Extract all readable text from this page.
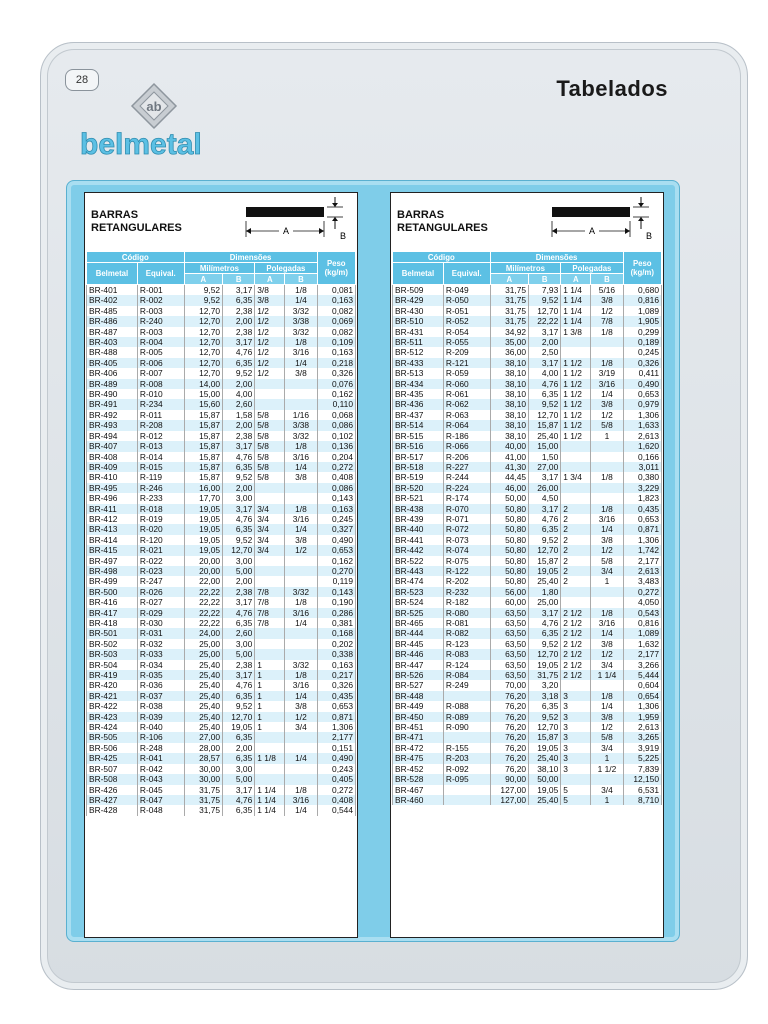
28	Tabelados
ab
belmetal
BARRAS
RETANGULARES
B
A
Código		Dimensões				Peso (kg/m)
Belmetal	Equival.	Milímetros		Polegadas		
		A	B	A	B	
BR-401	R-001	9,52	3,17	3/8	1/8	0,081
BR-402	R-002	9,52	6,35	3/8	1/4	0,163
BR-485	R-003	12,70	2,38	1/2	3/32	0,082
BR-486	R-240	12,70	2,00	1/2	3/38	0,069
BR-487	R-003	12,70	2,38	1/2	3/32	0,082
BR-403	R-004	12,70	3,17	1/2	1/8	0,109
BR-488	R-005	12,70	4,76	1/2	3/16	0,163
BR-405	R-006	12,70	6,35	1/2	1/4	0,218
BR-406	R-007	12,70	9,52	1/2	3/8	0,326
BR-489	R-008	14,00	2,00			0,076
BR-490	R-010	15,00	4,00			0,162
BR-491	R-234	15,60	2,60			0,110
BR-492	R-011	15,87	1,58	5/8	1/16	0,068
BR-493	R-208	15,87	2,00	5/8	3/38	0,086
BR-494	R-012	15,87	2,38	5/8	3/32	0,102
BR-407	R-013	15,87	3,17	5/8	1/8	0,136
BR-408	R-014	15,87	4,76	5/8	3/16	0,204
BR-409	R-015	15,87	6,35	5/8	1/4	0,272
BR-410	R-119	15,87	9,52	5/8	3/8	0,408
BR-495	R-246	16,00	2,00			0,086
BR-496	R-233	17,70	3,00			0,143
BR-411	R-018	19,05	3,17	3/4	1/8	0,163
BR-412	R-019	19,05	4,76	3/4	3/16	0,245
BR-413	R-020	19,05	6,35	3/4	1/4	0,327
BR-414	R-120	19,05	9,52	3/4	3/8	0,490
BR-415	R-021	19,05	12,70	3/4	1/2	0,653
BR-497	R-022	20,00	3,00			0,162
BR-498	R-023	20,00	5,00			0,270
BR-499	R-247	22,00	2,00			0,119
BR-500	R-026	22,22	2,38	7/8	3/32	0,143
BR-416	R-027	22,22	3,17	7/8	1/8	0,190
BR-417	R-029	22,22	4,76	7/8	3/16	0,286
BR-418	R-030	22,22	6,35	7/8	1/4	0,381
BR-501	R-031	24,00	2,60			0,168
BR-502	R-032	25,00	3,00			0,202
BR-503	R-033	25,00	5,00			0,338
BR-504	R-034	25,40	2,38	1	3/32	0,163
BR-419	R-035	25,40	3,17	1	1/8	0,217
BR-420	R-036	25,40	4,76	1	3/16	0,326
BR-421	R-037	25,40	6,35	1	1/4	0,435
BR-422	R-038	25,40	9,52	1	3/8	0,653
BR-423	R-039	25,40	12,70	1	1/2	0,871
BR-424	R-040	25,40	19,05	1	3/4	1,306
BR-505	R-106	27,00	6,35			2,177
BR-506	R-248	28,00	2,00			0,151
BR-425	R-041	28,57	6,35	1 1/8	1/4	0,490
BR-507	R-042	30,00	3,00			0,243
BR-508	R-043	30,00	5,00			0,405
BR-426	R-045	31,75	3,17	1 1/4	1/8	0,272
BR-427	R-047	31,75	4,76	1 1/4	3/16	0,408
BR-428	R-048	31,75	6,35	1 1/4	1/4	0,544
BARRAS
RETANGULARES
B
A
Código		Dimensões				Peso (kg/m)
Belmetal	Equival.	Milímetros		Polegadas		
		A	B	A	B	
BR-509	R-049	31,75	7,93	1 1/4	5/16	0,680
BR-429	R-050	31,75	9,52	1 1/4	3/8	0,816
BR-430	R-051	31,75	12,70	1 1/4	1/2	1,089
BR-510	R-052	31,75	22,22	1 1/4	7/8	1,905
BR-431	R-054	34,92	3,17	1 3/8	1/8	0,299
BR-511	R-055	35,00	2,00			0,189
BR-512	R-209	36,00	2,50			0,245
BR-433	R-121	38,10	3,17	1 1/2	1/8	0,326
BR-513	R-059	38,10	4,00	1 1/2	3/19	0,411
BR-434	R-060	38,10	4,76	1 1/2	3/16	0,490
BR-435	R-061	38,10	6,35	1 1/2	1/4	0,653
BR-436	R-062	38,10	9,52	1 1/2	3/8	0,979
BR-437	R-063	38,10	12,70	1 1/2	1/2	1,306
BR-514	R-064	38,10	15,87	1 1/2	5/8	1,633
BR-515	R-186	38,10	25,40	1 1/2	1	2,613
BR-516	R-066	40,00	15,00			1,620
BR-517	R-206	41,00	1,50			0,166
BR-518	R-227	41,30	27,00			3,011
BR-519	R-244	44,45	3,17	1 3/4	1/8	0,380
BR-520	R-224	46,00	26,00			3,229
BR-521	R-174	50,00	4,50			1,823
BR-438	R-070	50,80	3,17	2	1/8	0,435
BR-439	R-071	50,80	4,76	2	3/16	0,653
BR-440	R-072	50,80	6,35	2	1/4	0,871
BR-441	R-073	50,80	9,52	2	3/8	1,306
BR-442	R-074	50,80	12,70	2	1/2	1,742
BR-522	R-075	50,80	15,87	2	5/8	2,177
BR-443	R-122	50,80	19,05	2	3/4	2,613
BR-474	R-202	50,80	25,40	2	1	3,483
BR-523	R-232	56,00	1,80			0,272
BR-524	R-182	60,00	25,00			4,050
BR-525	R-080	63,50	3,17	2 1/2	1/8	0,543
BR-465	R-081	63,50	4,76	2 1/2	3/16	0,816
BR-444	R-082	63,50	6,35	2 1/2	1/4	1,089
BR-445	R-123	63,50	9,52	2 1/2	3/8	1,632
BR-446	R-083	63,50	12,70	2 1/2	1/2	2,177
BR-447	R-124	63,50	19,05	2 1/2	3/4	3,266
BR-526	R-084	63,50	31,75	2 1/2	1 1/4	5,444
BR-527	R-249	70,00	3,20			0,604
BR-448		76,20	3,18	3	1/8	0,654
BR-449	R-088	76,20	6,35	3	1/4	1,306
BR-450	R-089	76,20	9,52	3	3/8	1,959
BR-451	R-090	76,20	12,70	3	1/2	2,613
BR-471		76,20	15,87	3	5/8	3,265
BR-472	R-155	76,20	19,05	3	3/4	3,919
BR-475	R-203	76,20	25,40	3	1	5,225
BR-452	R-092	76,20	38,10	3	1 1/2	7,839
BR-528	R-095	90,00	50,00			12,150
BR-467		127,00	19,05	5	3/4	6,531
BR-460		127,00	25,40	5	1	8,710
